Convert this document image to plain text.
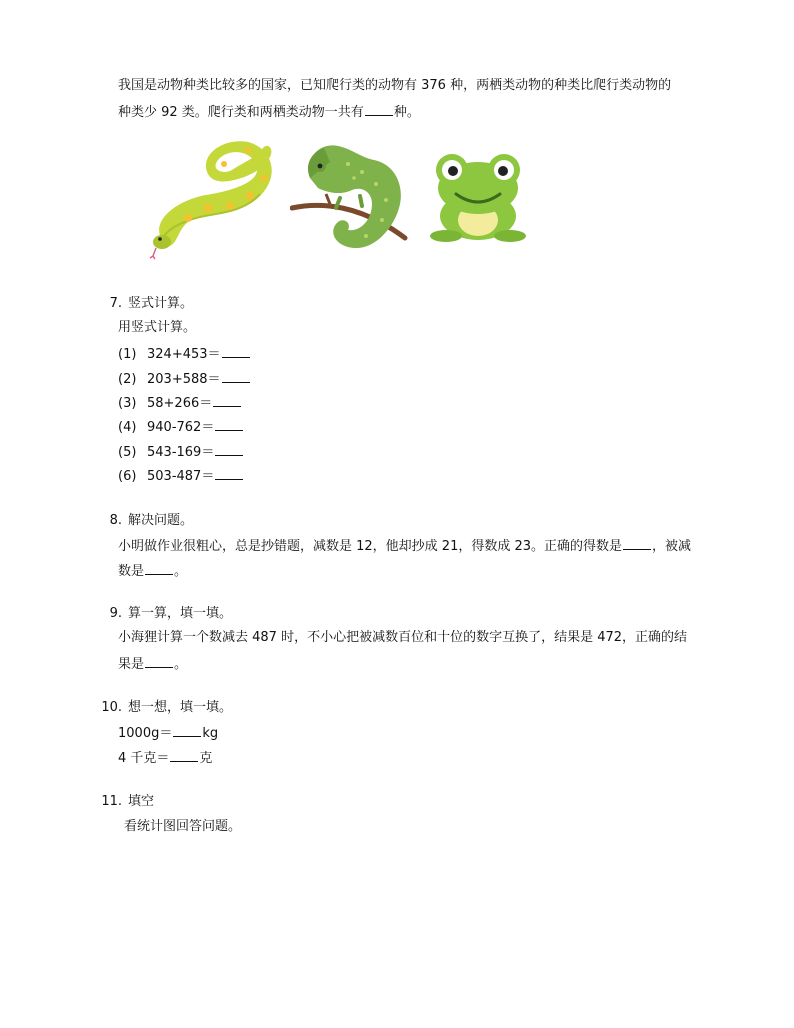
我国是动物种类比较多的国家，已知爬行类的动物有 376 种，两栖类动物的种类比爬行类动物的
种类少 92 类。爬行类和两栖类动物一共有 种。
7. 竖式计算。
用竖式计算。
(1) 324+453＝
(2) 203+588＝
(3) 58+266＝
(4) 940-762＝
(5) 543-169＝
(6) 503-487＝
8. 解决问题。
小明做作业很粗心，总是抄错题，减数是 12，他却抄成 21，得数成 23。正确的得数是 ，被减
数是 。
9. 算一算，填一填。
小海狸计算一个数减去 487 时，不小心把被减数百位和十位的数字互换了，结果是 472，正确的结
果是 。
10. 想一想，填一填。
1000g＝ kg
4 千克＝ 克
11. 填空
看统计图回答问题。
